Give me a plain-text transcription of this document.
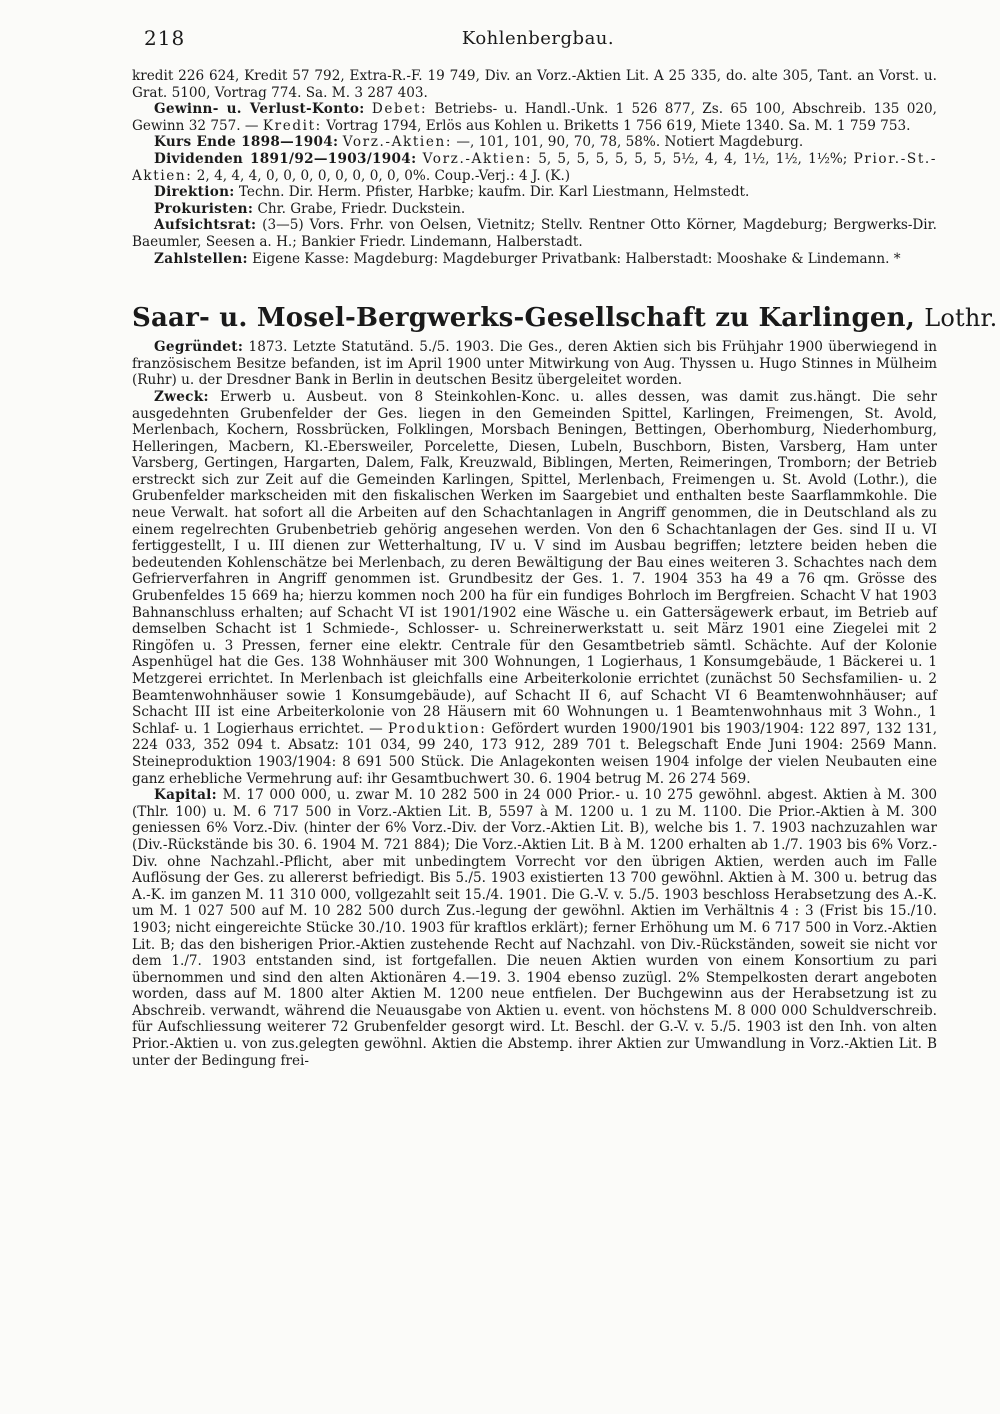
218	Kohlenbergbau.

kredit 226 624, Kredit 57 792, Extra-R.-F. 19 749, Div. an Vorz.-Aktien Lit. A 25 335, do. alte 305, Tant. an Vorst. u. Grat. 5100, Vortrag 774. Sa. M. 3 287 403.

Gewinn- u. Verlust-Konto: Debet: Betriebs- u. Handl.-Unk. 1 526 877, Zs. 65 100, Abschreib. 135 020, Gewinn 32 757. — Kredit: Vortrag 1794, Erlös aus Kohlen u. Briketts 1 756 619, Miete 1340. Sa. M. 1 759 753.

Kurs Ende 1898—1904: Vorz.-Aktien: —, 101, 101, 90, 70, 78, 58%. Notiert Magdeburg.

Dividenden 1891/92—1903/1904: Vorz.-Aktien: 5, 5, 5, 5, 5, 5, 5, 5½, 4, 4, 1½, 1½, 1½%; Prior.-St.-Aktien: 2, 4, 4, 4, 0, 0, 0, 0, 0, 0, 0, 0, 0%. Coup.-Verj.: 4 J. (K.)

Direktion: Techn. Dir. Herm. Pfister, Harbke; kaufm. Dir. Karl Liestmann, Helmstedt.

Prokuristen: Chr. Grabe, Friedr. Duckstein.

Aufsichtsrat: (3—5) Vors. Frhr. von Oelsen, Vietnitz; Stellv. Rentner Otto Körner, Magdeburg; Bergwerks-Dir. Baeumler, Seesen a. H.; Bankier Friedr. Lindemann, Halberstadt.

Zahlstellen: Eigene Kasse: Magdeburg: Magdeburger Privatbank: Halberstadt: Mooshake & Lindemann. *

Saar- u. Mosel-Bergwerks-Gesellschaft zu Karlingen, Lothr.

Gegründet: 1873. Letzte Statutänd. 5./5. 1903. Die Ges., deren Aktien sich bis Frühjahr 1900 überwiegend in französischem Besitze befanden, ist im April 1900 unter Mitwirkung von Aug. Thyssen u. Hugo Stinnes in Mülheim (Ruhr) u. der Dresdner Bank in Berlin in deutschen Besitz übergeleitet worden.

Zweck: Erwerb u. Ausbeut. von 8 Steinkohlen-Konc. u. alles dessen, was damit zus.hängt. Die sehr ausgedehnten Grubenfelder der Ges. liegen in den Gemeinden Spittel, Karlingen, Freimengen, St. Avold, Merlenbach, Kochern, Rossbrücken, Folklingen, Morsbach Beningen, Bettingen, Oberhomburg, Niederhomburg, Helleringen, Macbern, Kl.-Ebersweiler, Porcelette, Diesen, Lubeln, Buschborn, Bisten, Varsberg, Ham unter Varsberg, Gertingen, Hargarten, Dalem, Falk, Kreuzwald, Biblingen, Merten, Reimeringen, Tromborn; der Betrieb erstreckt sich zur Zeit auf die Gemeinden Karlingen, Spittel, Merlenbach, Freimengen u. St. Avold (Lothr.), die Grubenfelder markscheiden mit den fiskalischen Werken im Saargebiet und enthalten beste Saarflammkohle. Die neue Verwalt. hat sofort all die Arbeiten auf den Schachtanlagen in Angriff genommen, die in Deutschland als zu einem regelrechten Grubenbetrieb gehörig angesehen werden. Von den 6 Schachtanlagen der Ges. sind II u. VI fertiggestellt, I u. III dienen zur Wetterhaltung, IV u. V sind im Ausbau begriffen; letztere beiden heben die bedeutenden Kohlenschätze bei Merlenbach, zu deren Bewältigung der Bau eines weiteren 3. Schachtes nach dem Gefrierverfahren in Angriff genommen ist. Grundbesitz der Ges. 1. 7. 1904 353 ha 49 a 76 qm. Grösse des Grubenfeldes 15 669 ha; hierzu kommen noch 200 ha für ein fundiges Bohrloch im Bergfreien. Schacht V hat 1903 Bahnanschluss erhalten; auf Schacht VI ist 1901/1902 eine Wäsche u. ein Gattersägewerk erbaut, im Betrieb auf demselben Schacht ist 1 Schmiede-, Schlosser- u. Schreinerwerkstatt u. seit März 1901 eine Ziegelei mit 2 Ringöfen u. 3 Pressen, ferner eine elektr. Centrale für den Gesamtbetrieb sämtl. Schächte. Auf der Kolonie Aspenhügel hat die Ges. 138 Wohnhäuser mit 300 Wohnungen, 1 Logierhaus, 1 Konsumgebäude, 1 Bäckerei u. 1 Metzgerei errichtet. In Merlenbach ist gleichfalls eine Arbeiterkolonie errichtet (zunächst 50 Sechsfamilien- u. 2 Beamtenwohnhäuser sowie 1 Konsumgebäude), auf Schacht II 6, auf Schacht VI 6 Beamtenwohnhäuser; auf Schacht III ist eine Arbeiterkolonie von 28 Häusern mit 60 Wohnungen u. 1 Beamtenwohnhaus mit 3 Wohn., 1 Schlaf- u. 1 Logierhaus errichtet. — Produktion: Gefördert wurden 1900/1901 bis 1903/1904: 122 897, 132 131, 224 033, 352 094 t. Absatz: 101 034, 99 240, 173 912, 289 701 t. Belegschaft Ende Juni 1904: 2569 Mann. Steineproduktion 1903/1904: 8 691 500 Stück. Die Anlagekonten weisen 1904 infolge der vielen Neubauten eine ganz erhebliche Vermehrung auf: ihr Gesamtbuchwert 30. 6. 1904 betrug M. 26 274 569.

Kapital: M. 17 000 000, u. zwar M. 10 282 500 in 24 000 Prior.- u. 10 275 gewöhnl. abgest. Aktien à M. 300 (Thlr. 100) u. M. 6 717 500 in Vorz.-Aktien Lit. B, 5597 à M. 1200 u. 1 zu M. 1100. Die Prior.-Aktien à M. 300 geniessen 6% Vorz.-Div. (hinter der 6% Vorz.-Div. der Vorz.-Aktien Lit. B), welche bis 1. 7. 1903 nachzuzahlen war (Div.-Rückstände bis 30. 6. 1904 M. 721 884); Die Vorz.-Aktien Lit. B à M. 1200 erhalten ab 1./7. 1903 bis 6% Vorz.-Div. ohne Nachzahl.-Pflicht, aber mit unbedingtem Vorrecht vor den übrigen Aktien, werden auch im Falle Auflösung der Ges. zu allererst befriedigt. Bis 5./5. 1903 existierten 13 700 gewöhnl. Aktien à M. 300 u. betrug das A.-K. im ganzen M. 11 310 000, vollgezahlt seit 15./4. 1901. Die G.-V. v. 5./5. 1903 beschloss Herabsetzung des A.-K. um M. 1 027 500 auf M. 10 282 500 durch Zus.-legung der gewöhnl. Aktien im Verhältnis 4 : 3 (Frist bis 15./10. 1903; nicht eingereichte Stücke 30./10. 1903 für kraftlos erklärt); ferner Erhöhung um M. 6 717 500 in Vorz.-Aktien Lit. B; das den bisherigen Prior.-Aktien zustehende Recht auf Nachzahl. von Div.-Rückständen, soweit sie nicht vor dem 1./7. 1903 entstanden sind, ist fortgefallen. Die neuen Aktien wurden von einem Konsortium zu pari übernommen und sind den alten Aktionären 4.—19. 3. 1904 ebenso zuzügl. 2% Stempelkosten derart angeboten worden, dass auf M. 1800 alter Aktien M. 1200 neue entfielen. Der Buchgewinn aus der Herabsetzung ist zu Abschreib. verwandt, während die Neuausgabe von Aktien u. event. von höchstens M. 8 000 000 Schuldverschreib. für Aufschliessung weiterer 72 Grubenfelder gesorgt wird. Lt. Beschl. der G.-V. v. 5./5. 1903 ist den Inh. von alten Prior.-Aktien u. von zus.gelegten gewöhnl. Aktien die Abstemp. ihrer Aktien zur Umwandlung in Vorz.-Aktien Lit. B unter der Bedingung frei-
